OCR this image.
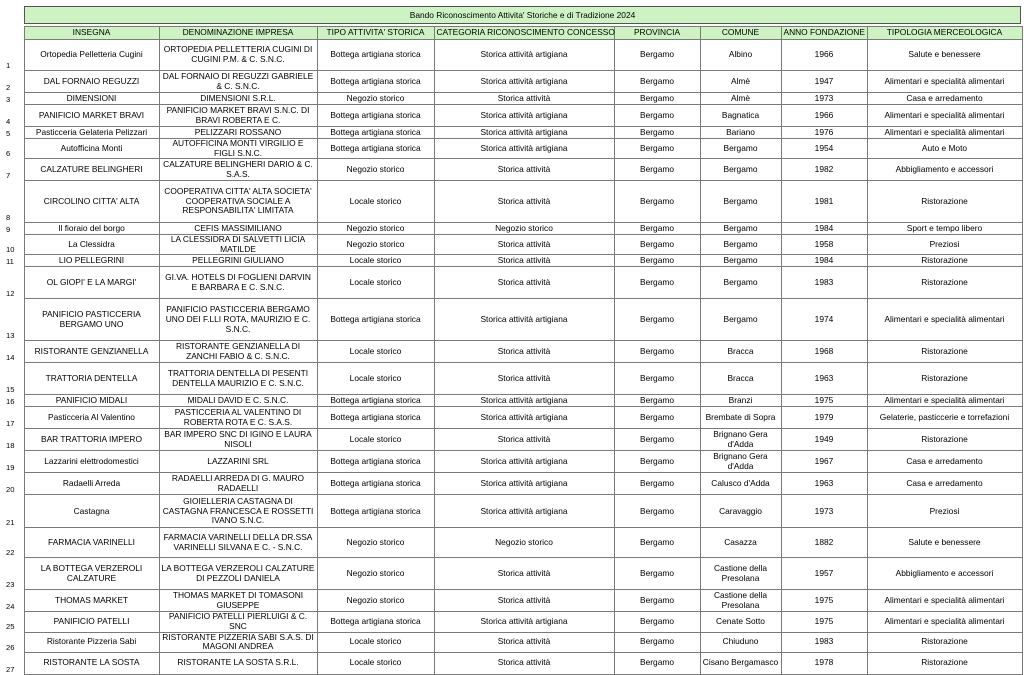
Bando Riconoscimento Attivita' Storiche e di Tradizione 2024
	INSEGNA	DENOMINAZIONE IMPRESA	TIPO ATTIVITA' STORICA	CATEGORIA RICONOSCIMENTO CONCESSO	PROVINCIA	COMUNE	ANNO FONDAZIONE	TIPOLOGIA MERCEOLOGICA
1	Ortopedia Pelletteria Cugini	ORTOPEDIA PELLETTERIA CUGINI DI CUGINI P.M. & C. S.N.C.	Bottega artigiana storica	Storica attività artigiana	Bergamo	Albino	1966	Salute e benessere
2	DAL FORNAIO REGUZZI	DAL FORNAIO DI REGUZZI GABRIELE & C. S.N.C.	Bottega artigiana storica	Storica attività artigiana	Bergamo	Almè	1947	Alimentari e specialità alimentari
3	DIMENSIONI	DIMENSIONI S.R.L.	Negozio storico	Storica attività	Bergamo	Almè	1973	Casa e arredamento
4	PANIFICIO MARKET BRAVI	PANIFICIO MARKET BRAVI S.N.C. DI BRAVI ROBERTA E C.	Bottega artigiana storica	Storica attività artigiana	Bergamo	Bagnatica	1966	Alimentari e specialità alimentari
5	Pasticceria Gelateria Pelizzari	PELIZZARI ROSSANO	Bottega artigiana storica	Storica attività artigiana	Bergamo	Bariano	1976	Alimentari e specialità alimentari
6	Autofficina Monti	AUTOFFICINA MONTI VIRGILIO E FIGLI S.N.C.	Bottega artigiana storica	Storica attività artigiana	Bergamo	Bergamo	1954	Auto e Moto
7	CALZATURE BELINGHERI	CALZATURE BELINGHERI DARIO & C. S.A.S.	Negozio storico	Storica attività	Bergamo	Bergamo	1982	Abbigliamento e accessori
8	CIRCOLINO CITTA' ALTA	COOPERATIVA CITTA' ALTA SOCIETA' COOPERATIVA SOCIALE A RESPONSABILITA' LIMITATA	Locale storico	Storica attività	Bergamo	Bergamo	1981	Ristorazione
9	Il fioraio del borgo	CEFIS MASSIMILIANO	Negozio storico	Negozio storico	Bergamo	Bergamo	1984	Sport e tempo libero
10	La Clessidra	LA CLESSIDRA DI SALVETTI LICIA MATILDE	Negozio storico	Storica attività	Bergamo	Bergamo	1958	Preziosi
11	LIO PELLEGRINI	PELLEGRINI GIULIANO	Locale storico	Storica attività	Bergamo	Bergamo	1984	Ristorazione
12	OL GIOPI' E LA MARGI'	GI.VA. HOTELS DI FOGLIENI DARVIN E BARBARA E C. S.N.C.	Locale storico	Storica attività	Bergamo	Bergamo	1983	Ristorazione
13	PANIFICIO PASTICCERIA BERGAMO UNO	PANIFICIO PASTICCERIA BERGAMO UNO DEI F.LLI ROTA, MAURIZIO E C. S.N.C.	Bottega artigiana storica	Storica attività artigiana	Bergamo	Bergamo	1974	Alimentari e specialità alimentari
14	RISTORANTE GENZIANELLA	RISTORANTE GENZIANELLA DI ZANCHI FABIO & C. S.N.C.	Locale storico	Storica attività	Bergamo	Bracca	1968	Ristorazione
15	TRATTORIA DENTELLA	TRATTORIA DENTELLA DI PESENTI DENTELLA MAURIZIO E C. S.N.C.	Locale storico	Storica attività	Bergamo	Bracca	1963	Ristorazione
16	PANIFICIO MIDALI	MIDALI DAVID E C. S.N.C.	Bottega artigiana storica	Storica attività artigiana	Bergamo	Branzi	1975	Alimentari e specialità alimentari
17	Pasticceria Al Valentino	PASTICCERIA AL VALENTINO DI ROBERTA ROTA E C. S.A.S.	Bottega artigiana storica	Storica attività artigiana	Bergamo	Brembate di Sopra	1979	Gelaterie, pasticcerie e torrefazioni
18	BAR TRATTORIA IMPERO	BAR IMPERO SNC DI IGINO E LAURA NISOLI	Locale storico	Storica attività	Bergamo	Brignano Gera d'Adda	1949	Ristorazione
19	Lazzarini elettrodomestici	LAZZARINI SRL	Bottega artigiana storica	Storica attività artigiana	Bergamo	Brignano Gera d'Adda	1967	Casa e arredamento
20	Radaelli Arreda	RADAELLI ARREDA DI G. MAURO RADAELLI	Bottega artigiana storica	Storica attività artigiana	Bergamo	Calusco d'Adda	1963	Casa e arredamento
21	Castagna	GIOIELLERIA CASTAGNA DI CASTAGNA FRANCESCA E ROSSETTI IVANO S.N.C.	Bottega artigiana storica	Storica attività artigiana	Bergamo	Caravaggio	1973	Preziosi
22	FARMACIA VARINELLI	FARMACIA VARINELLI DELLA DR.SSA VARINELLI SILVANA E C. - S.N.C.	Negozio storico	Negozio storico	Bergamo	Casazza	1882	Salute e benessere
23	LA BOTTEGA VERZEROLI CALZATURE	LA BOTTEGA VERZEROLI CALZATURE DI PEZZOLI DANIELA	Negozio storico	Storica attività	Bergamo	Castione della Presolana	1957	Abbigliamento e accessori
24	THOMAS MARKET	THOMAS MARKET DI TOMASONI GIUSEPPE	Negozio storico	Storica attività	Bergamo	Castione della Presolana	1975	Alimentari e specialità alimentari
25	PANIFICIO PATELLI	PANIFICIO PATELLI PIERLUIGI & C. SNC	Bottega artigiana storica	Storica attività artigiana	Bergamo	Cenate Sotto	1975	Alimentari e specialità alimentari
26	Ristorante Pizzeria Sabi	RISTORANTE PIZZERIA SABI S.A.S. DI MAGONI ANDREA	Locale storico	Storica attività	Bergamo	Chiuduno	1983	Ristorazione
27	RISTORANTE LA SOSTA	RISTORANTE LA SOSTA S.R.L.	Locale storico	Storica attività	Bergamo	Cisano Bergamasco	1978	Ristorazione
